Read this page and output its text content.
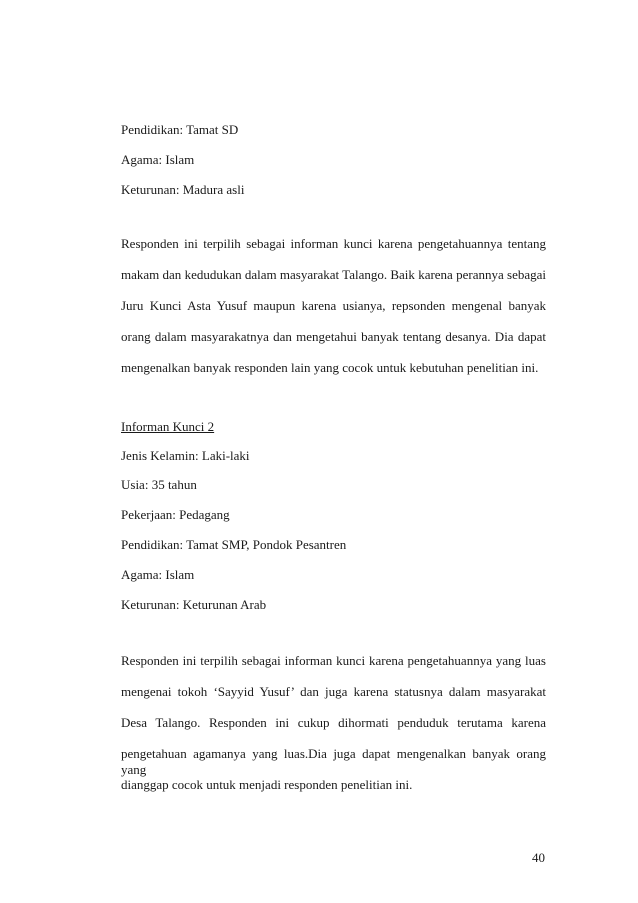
Pendidikan: Tamat SD
Agama: Islam
Keturunan: Madura asli
Responden ini terpilih sebagai informan kunci karena pengetahuannya tentang
makam dan kedudukan dalam masyarakat Talango. Baik karena perannya sebagai
Juru Kunci Asta Yusuf maupun karena usianya, repsonden mengenal banyak
orang dalam masyarakatnya dan mengetahui banyak tentang desanya. Dia dapat
mengenalkan banyak responden lain yang cocok untuk kebutuhan penelitian ini.
Informan Kunci 2
Jenis Kelamin: Laki-laki
Usia: 35 tahun
Pekerjaan: Pedagang
Pendidikan: Tamat SMP, Pondok Pesantren
Agama: Islam
Keturunan: Keturunan Arab
Responden ini terpilih sebagai informan kunci karena pengetahuannya yang luas
mengenai tokoh ‘Sayyid Yusuf’ dan juga karena statusnya dalam masyarakat
Desa Talango. Responden ini cukup dihormati penduduk terutama karena
pengetahuan agamanya yang luas.Dia juga dapat mengenalkan banyak orang yang
dianggap cocok untuk menjadi responden penelitian ini.
40
